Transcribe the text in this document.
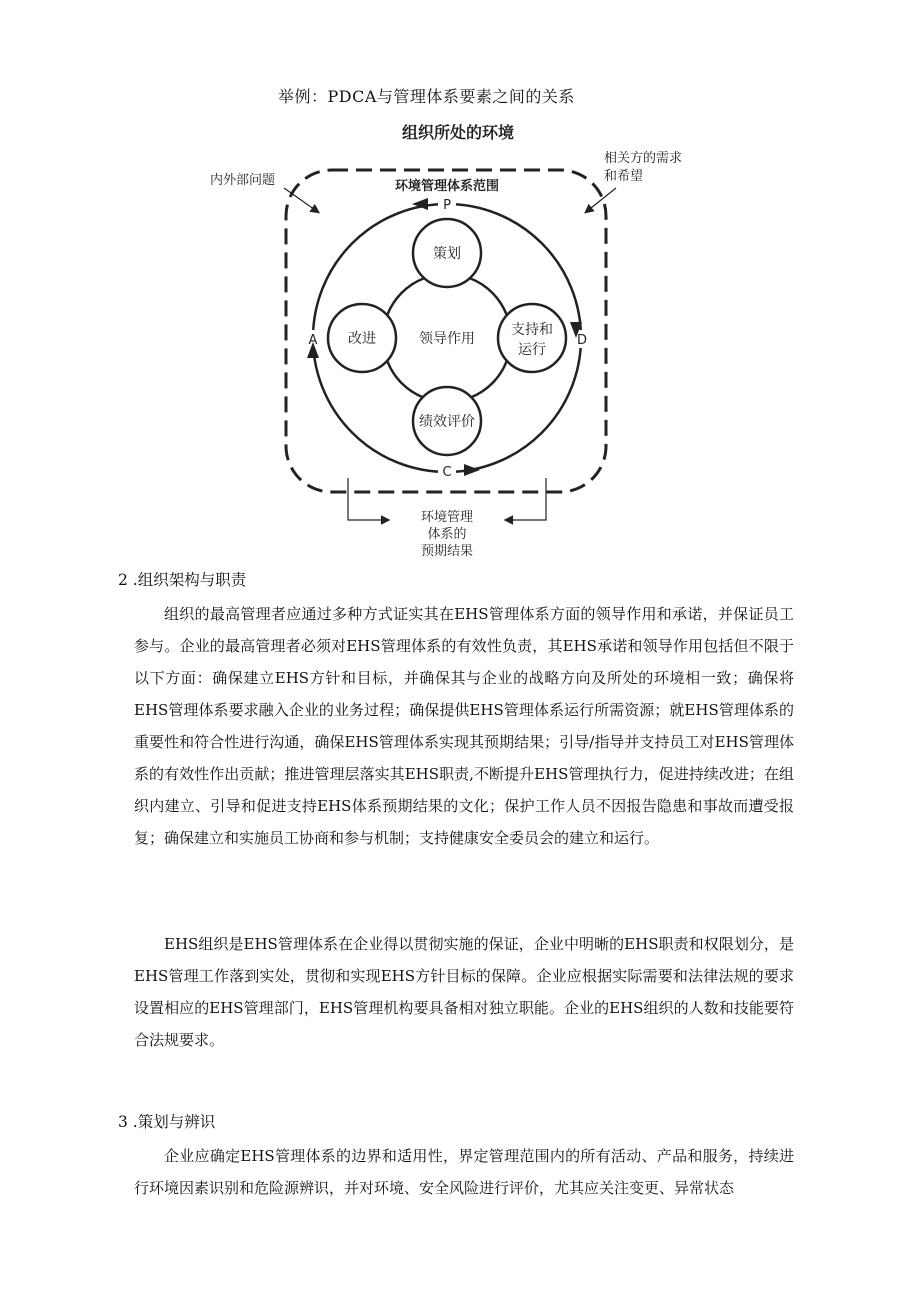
举例：PDCA与管理体系要素之间的关系
组织所处的环境
内外部问题
相关方的需求
和希望
环境管理体系范围
P
D
C
A	领导作用
策划
支持和
运行
绩效评价
改进
环境管理
体系的
预期结果
2 .组织架构与职责

组织的最高管理者应通过多种方式证实其在EHS管理体系方面的领导作用和承诺，并保证员工参与。企业的最高管理者必须对EHS管理体系的有效性负责，其EHS承诺和领导作用包括但不限于以下方面：确保建立EHS方针和目标，并确保其与企业的战略方向及所处的环境相一致；确保将EHS管理体系要求融入企业的业务过程；确保提供EHS管理体系运行所需资源；就EHS管理体系的重要性和符合性进行沟通，确保EHS管理体系实现其预期结果；引导/指导并支持员工对EHS管理体系的有效性作出贡献；推进管理层落实其EHS职责,不断提升EHS管理执行力，促进持续改进；在组织内建立、引导和促进支持EHS体系预期结果的文化；保护工作人员不因报告隐患和事故而遭受报复；确保建立和实施员工协商和参与机制；支持健康安全委员会的建立和运行。

EHS组织是EHS管理体系在企业得以贯彻实施的保证，企业中明晰的EHS职责和权限划分，是EHS管理工作落到实处，贯彻和实现EHS方针目标的保障。企业应根据实际需要和法律法规的要求设置相应的EHS管理部门，EHS管理机构要具备相对独立职能。企业的EHS组织的人数和技能要符合法规要求。

3 .策划与辨识

企业应确定EHS管理体系的边界和适用性，界定管理范围内的所有活动、产品和服务，持续进行环境因素识别和危险源辨识，并对环境、安全风险进行评价，尤其应关注变更、异常状态
